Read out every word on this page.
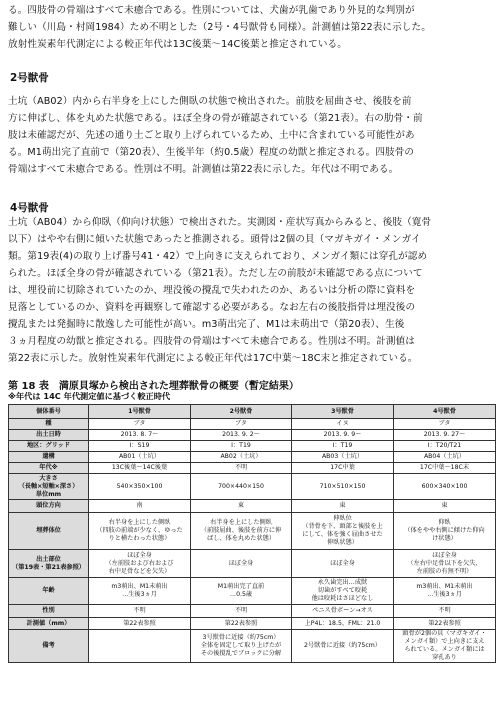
る。四肢骨の骨端はすべて未癒合である。性別については、犬歯が乳歯であり外見的な判別が
難しい（川島・村岡1984）ため不明とした（2号・4号獣骨も同様）。計測値は第22表に示した。
放射性炭素年代測定による較正年代は13C後葉～14C後葉と推定されている。
2号獣骨
土坑（AB02）内から右半身を上にした側臥の状態で検出された。前肢を屈曲させ、後肢を前
方に伸ばし、体を丸めた状態である。ほぼ全身の骨が確認されている（第21表）。右の肋骨・前
肢は未確認だが、先述の通り土ごと取り上げられているため、土中に含まれている可能性があ
る。M1萌出完了直前で（第20表）、生後半年（約0.5歳）程度の幼獣と推定される。四肢骨の
骨端はすべて未癒合である。性別は不明。計測値は第22表に示した。年代は不明である。
4号獣骨
土坑（AB04）から仰臥（仰向け状態）で検出された。実測図・産状写真からみると、後肢（寛骨
以下）はやや右側に傾いた状態であったと推測される。頭骨は2個の貝（マガキガイ・メンガイ
類。第19表(4)の取り上げ番号41・42）で上向きに支えられており、メンガイ類には穿孔が認め
られた。ほぼ全身の骨が確認されている（第21表）。ただし左の前肢が未確認である点について
は、埋役前に切除されていたのか、埋没後の攪乱で失われたのか、あるいは分析の際に資料を
見落としているのか、資料を再観察して確認する必要がある。なお左右の後肢指骨は埋没後の
攪乱または発掘時に散逸した可能性が高い。m3萌出完了、M1は未萌出で（第20表）、生後
３ヵ月程度の幼獣と推定される。四肢骨の骨端はすべて未癒合である。性別は不明。計測値は
第22表に示した。放射性炭素年代測定による較正年代は17C中葉～18C末と推定されている。
第 18 表　満原貝塚から検出された埋葬獣骨の概要（暫定結果）
※年代は 14C 年代測定値に基づく較正時代
個体番号	1号獣骨	2号獣骨	3号獣骨	4号獣骨
種	ブタ	ブタ	イヌ	ブタ

出土日時	2013. 8. 7～	2013. 9. 2～	2013. 9. 9～	2013. 9. 27～

地区：グリッド	Ⅰ：S19	Ⅰ：T19	Ⅰ：T19	Ⅰ：T20/T21

遺構	AB01（土坑）	AB02（土坑）	AB03（土坑）	AB04（土坑）

年代※	13C後葉～14C後葉	不明	17C中葉	17C中葉～18C末

大きさ
（長軸×短軸×深さ）
単位mm	540×350×100	700×440×150	710×510×150	600×340×100

頭位方向	南	東	東	東

埋葬体位	右半身を上にした側臥
（四肢の前端が少なく、ゆった
りと横たわった状態）	右半身を上にした側臥
（前肢屈曲、後肢を前方に伸
ばし、体を丸めた状態）	伸臥位
（背骨を下、頭部と後肢を上
にして、体を強く屈曲させた
伸臥状態）	仰臥
（体をやや右側に傾けた仰向
け状態）

出土部位
（第19表・第21表参照）	ほぼ全身
（左前肢および右および
右中足骨などを欠失）	ほぼ全身	ほぼ全身	ほぼ全身
（左右中足骨以下を欠失、
左前肢の有無不明）

年齢	m3萌出、M1未萌出
…生後3ヵ月	M1萌出完了直前
…0.5歳	永久歯完出…成獣
切歯がすべて咬耗
他は咬耗はさほどなし	m3萌出、M1未萌出
…生後3ヵ月

性別	不明	不明	ペニス骨ボーン→オス	不明

計測値（mm）	第22表参照	第22表参照	上P4L：18.5、FML：21.0	第22表参照

備考		3号獣骨に近接（約75cm）
全体を固定して取り上げたが
その後撹乱でブロックに分解	2号獣骨に近接（約75cm）	頭骨が2個の貝（マガキガイ・
メンガイ類）で上向きに支え
られている。メンガイ類には
穿孔あり
